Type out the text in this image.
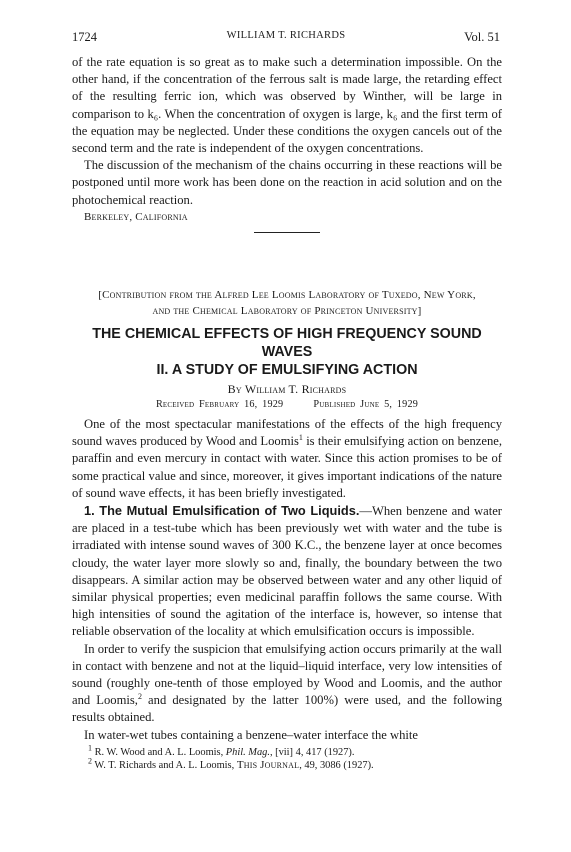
1724	WILLIAM T. RICHARDS	Vol. 51

of the rate equation is so great as to make such a determination impossible. On the other hand, if the concentration of the ferrous salt is made large, the retarding effect of the resulting ferric ion, which was observed by Winther, will be large in comparison to k₆. When the concentration of oxygen is large, k₆ and the first term of the equation may be neglected. Under these conditions the oxygen cancels out of the second term and the rate is independent of the oxygen concentrations.

The discussion of the mechanism of the chains occurring in these reactions will be postponed until more work has been done on the reaction in acid solution and on the photochemical reaction.

Berkeley, California

[Contribution from the Alfred Lee Loomis Laboratory of Tuxedo, New York,
and the Chemical Laboratory of Princeton University]
THE CHEMICAL EFFECTS OF HIGH FREQUENCY SOUND WAVES
II. A STUDY OF EMULSIFYING ACTION
By William T. Richards
Received February 16, 1929	Published June 5, 1929

One of the most spectacular manifestations of the effects of the high frequency sound waves produced by Wood and Loomis$^1$ is their emulsifying action on benzene, paraffin and even mercury in contact with water. Since this action promises to be of some practical value and since, moreover, it gives important indications of the nature of sound wave effects, it has been briefly investigated.

1. The Mutual Emulsification of Two Liquids.—When benzene and water are placed in a test-tube which has been previously wet with water and the tube is irradiated with intense sound waves of 300 K.C., the benzene layer at once becomes cloudy, the water layer more slowly so and, finally, the boundary between the two disappears. A similar action may be observed between water and any other liquid of similar physical properties; even medicinal paraffin follows the same course. With high intensities of sound the agitation of the interface is, however, so intense that reliable observation of the locality at which emulsification occurs is impossible.

In order to verify the suspicion that emulsifying action occurs primarily at the wall in contact with benzene and not at the liquid–liquid interface, very low intensities of sound (roughly one-tenth of those employed by Wood and Loomis, and the author and Loomis,$^2$ and designated by the latter 100%) were used, and the following results obtained.

In water-wet tubes containing a benzene–water interface the white

$^1$ R. W. Wood and A. L. Loomis, Phil. Mag., [vii] 4, 417 (1927).
$^2$ W. T. Richards and A. L. Loomis, This Journal, 49, 3086 (1927).
